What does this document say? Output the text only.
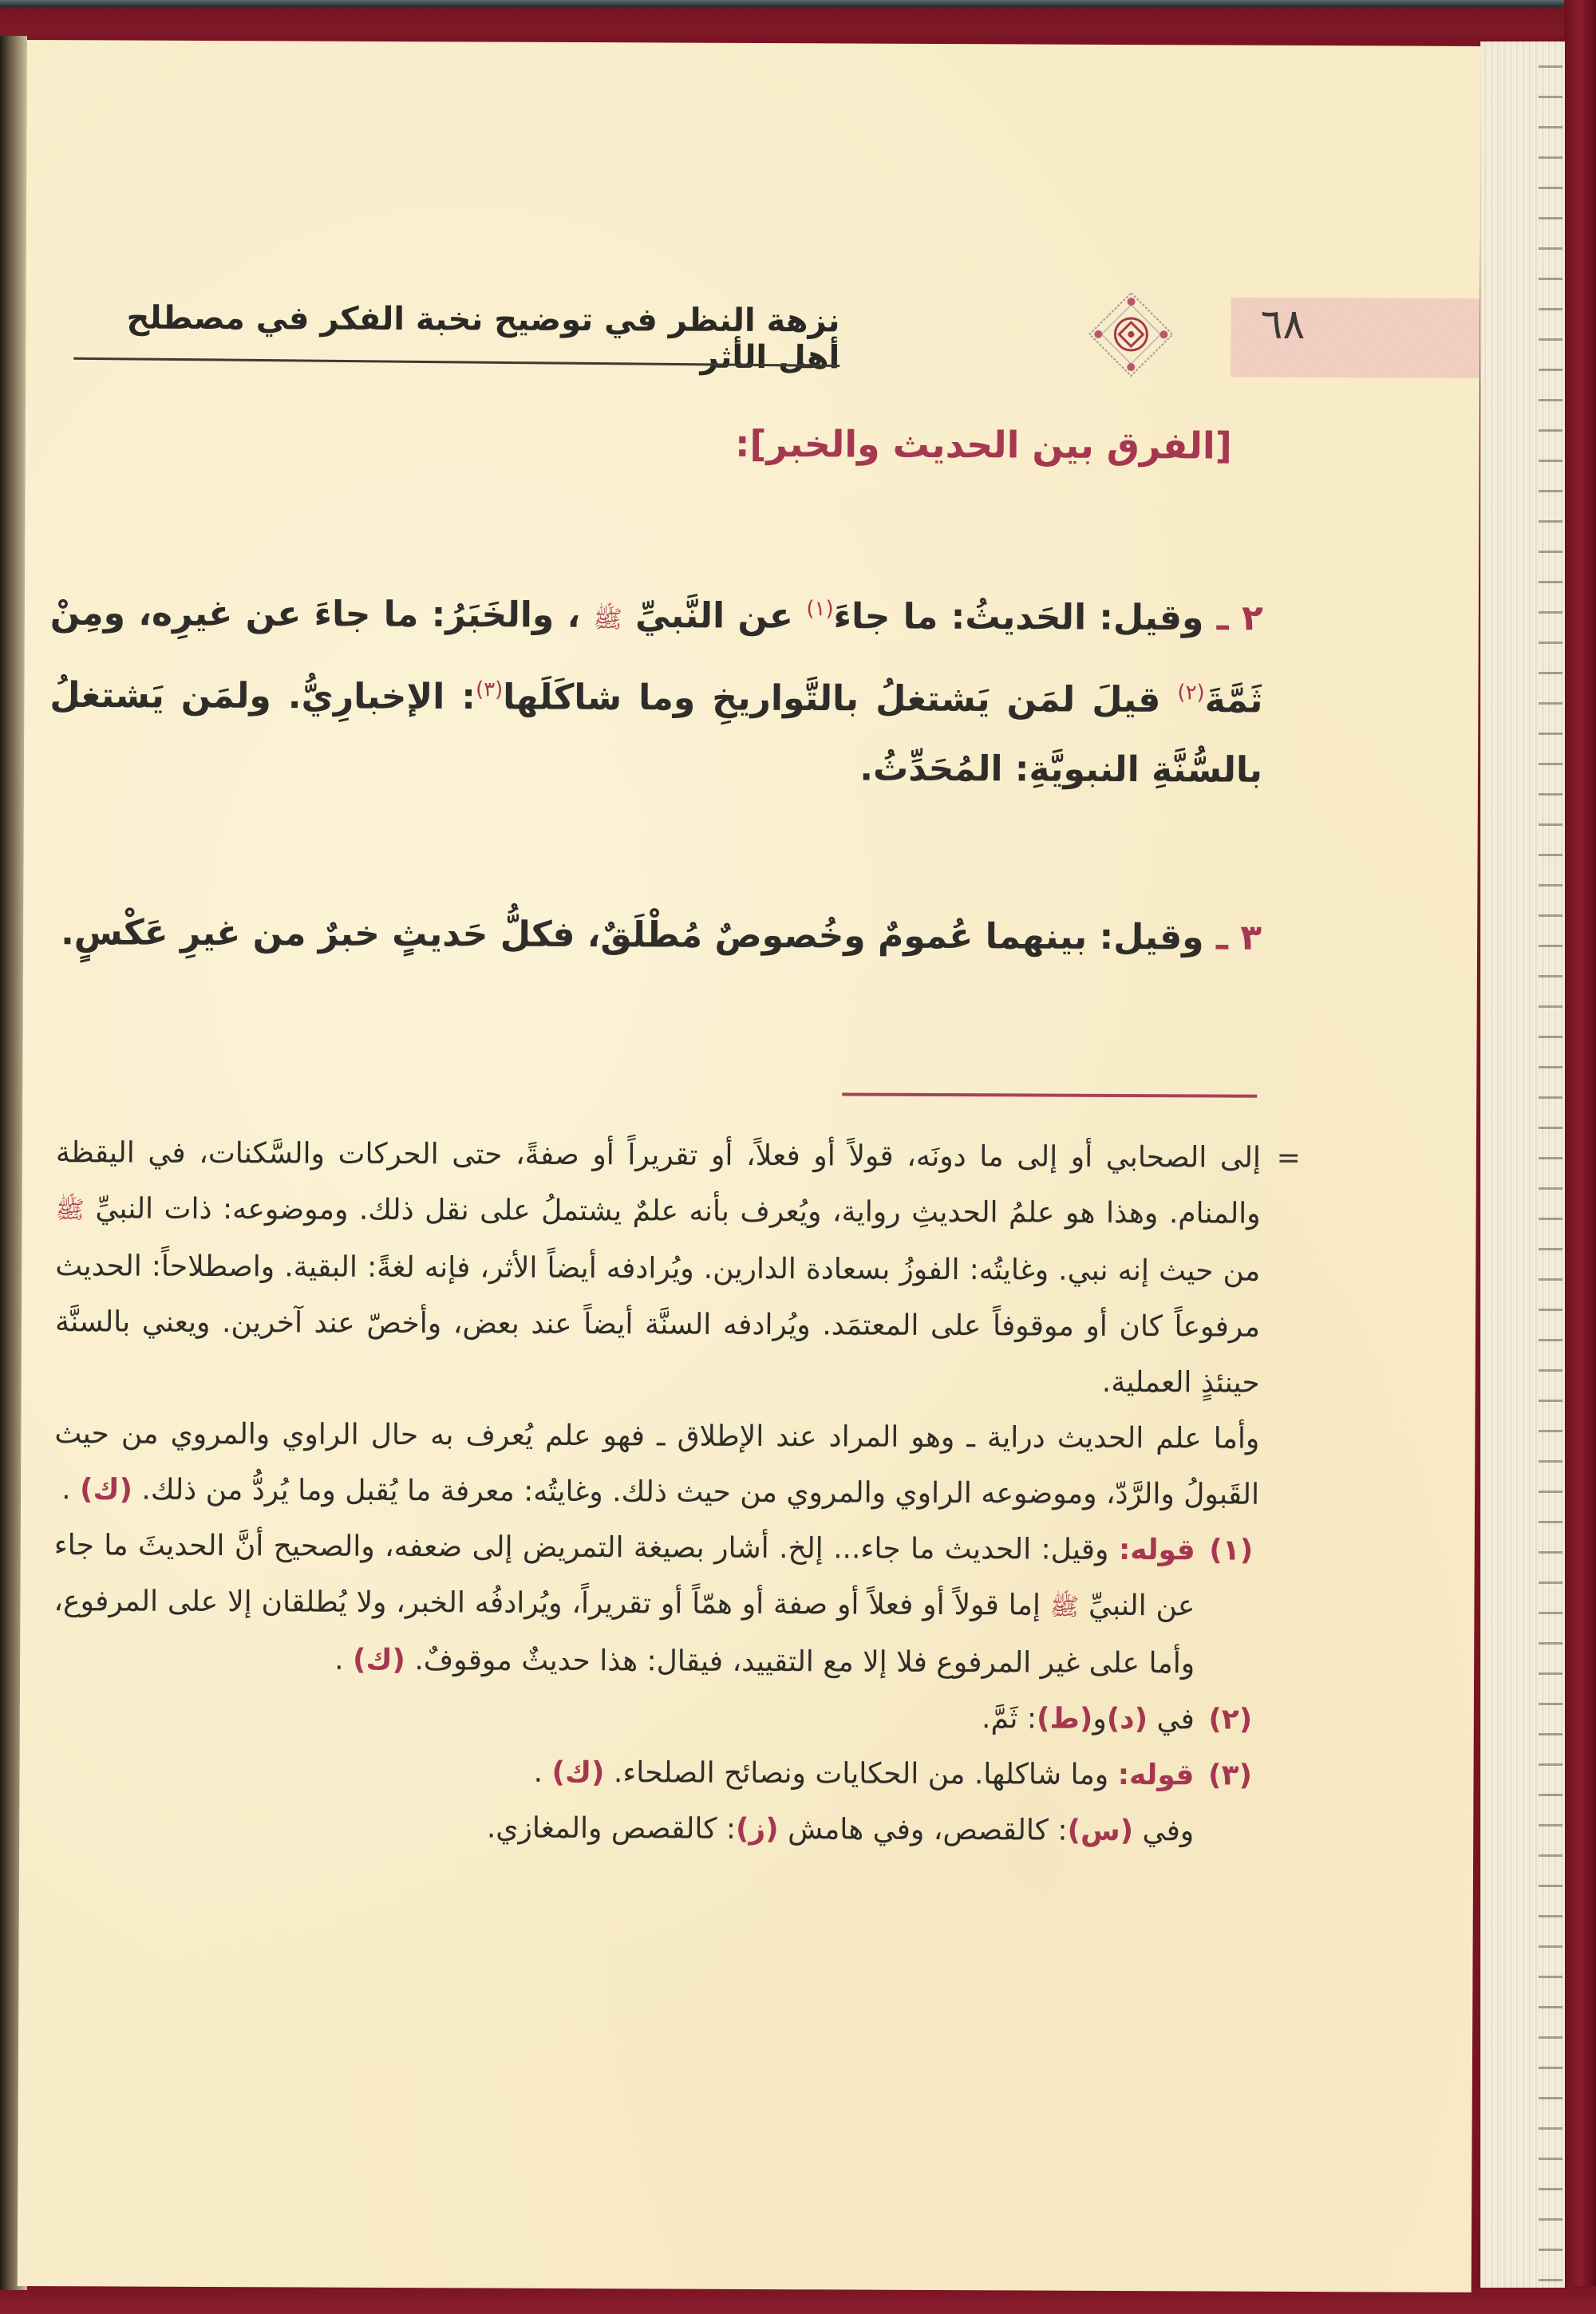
٦٨
نزهة النظر في توضيح نخبة الفكر في مصطلح أهل الأثر
[الفرق بين الحديث والخبر]:
٢ ـ وقيل: الحَديثُ: ما جاءَ$^{(١)}$ عن النَّبيِّ ﷺ ، والخَبَرُ: ما جاءَ عن غيرِه، ومِنْ ثَمَّةَ$^{(٢)}$ قيلَ لمَن يَشتغلُ بالتَّواريخِ وما شاكَلَها$^{(٣)}$: الإخبارِيُّ. ولمَن يَشتغلُ بالسُّنَّةِ النبويَّةِ: المُحَدِّثُ.
٣ ـ وقيل: بينهما عُمومٌ وخُصوصٌ مُطْلَقٌ، فكلُّ حَديثٍ خبرٌ من غيرِ عَكْسٍ.

=
إلى الصحابي أو إلى ما دونَه، قولاً أو فعلاً، أو تقريراً أو صفةً، حتى الحركات والسَّكنات، في اليقظة والمنام. وهذا هو علمُ الحديثِ رواية، ويُعرف بأنه علمٌ يشتملُ على نقل ذلك. وموضوعه: ذات النبيِّ ﷺ من حيث إنه نبي. وغايتُه: الفوزُ بسعادة الدارين. ويُرادفه أيضاً الأثر، فإنه لغةً: البقية. واصطلاحاً: الحديث مرفوعاً كان أو موقوفاً على المعتمَد. ويُرادفه السنَّة أيضاً عند بعض، وأخصّ عند آخرين. ويعني بالسنَّة حينئذٍ العملية.

وأما علم الحديث دراية ـ وهو المراد عند الإطلاق ـ فهو علم يُعرف به حال الراوي والمروي من حيث القَبولُ والرَّدّ، وموضوعه الراوي والمروي من حيث ذلك. وغايتُه: معرفة ما يُقبل وما يُردُّ من ذلك. (ك) .

(١)
قوله: وقيل: الحديث ما جاء... إلخ. أشار بصيغة التمريض إلى ضعفه، والصحيح أنَّ الحديثَ ما جاء عن النبيِّ ﷺ إما قولاً أو فعلاً أو صفة أو همّاً أو تقريراً، ويُرادفُه الخبر، ولا يُطلقان إلا على المرفوع، وأما على غير المرفوع فلا إلا مع التقييد، فيقال: هذا حديثٌ موقوفٌ. (ك) .

(٢)
في (د)و(ط): ثَمَّ.

(٣)
قوله: وما شاكلها. من الحكايات ونصائح الصلحاء. (ك) .
وفي (س): كالقصص، وفي هامش (ز): كالقصص والمغازي.
